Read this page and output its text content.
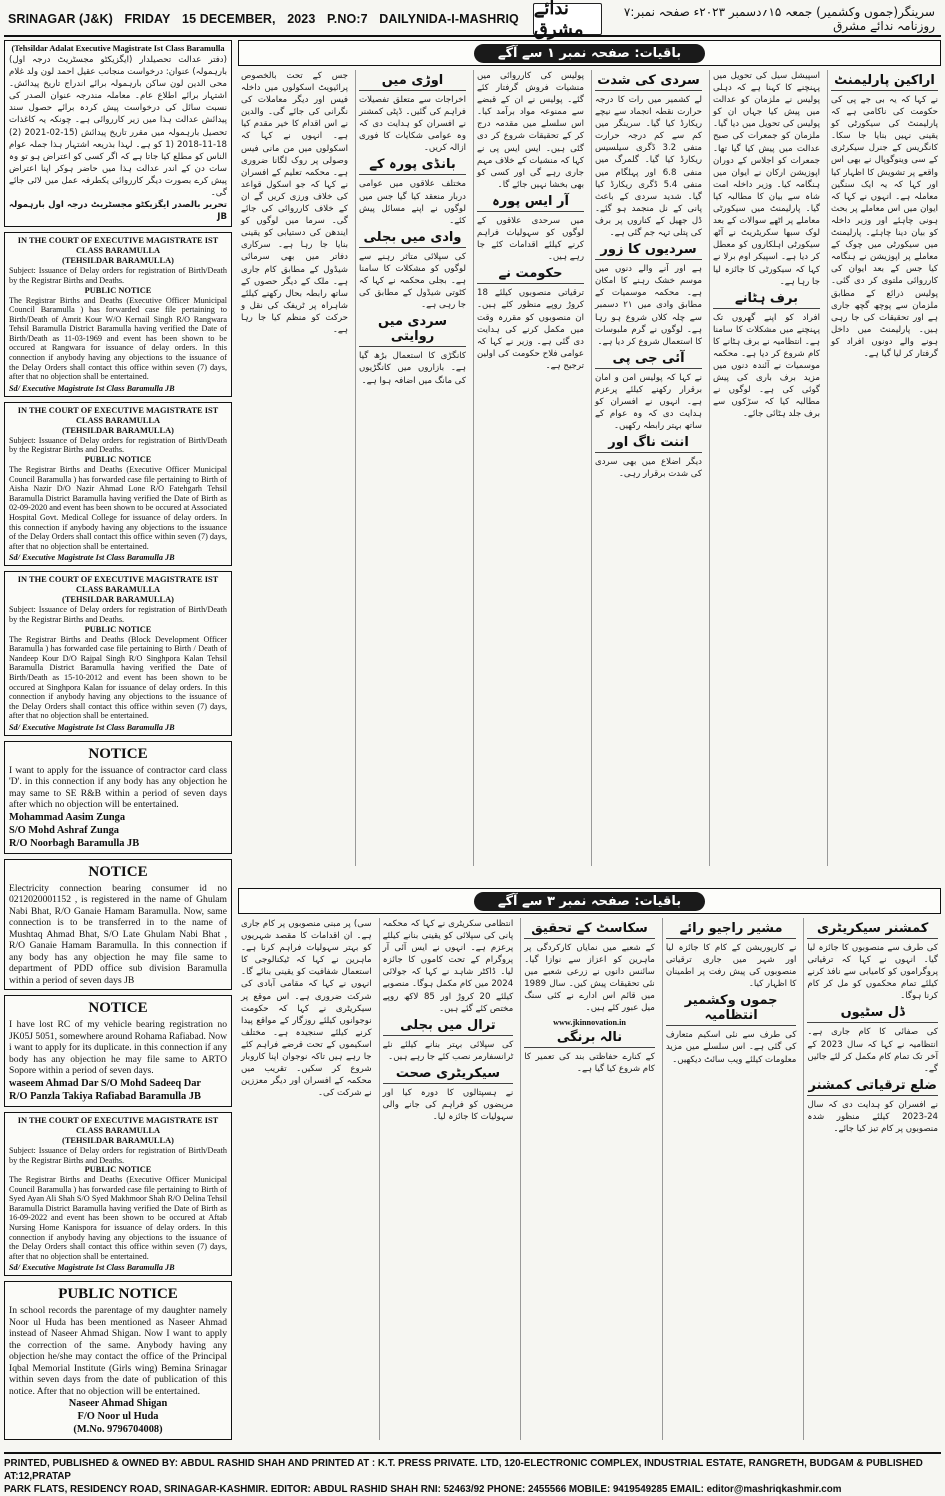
SRINAGAR (J&K) FRIDAY 15 DECEMBER, 2023 P.NO:7 DAILYNIDA-I-MASHRIQ
ندائے مشرق
سرینگر(جموں وکشمیر) جمعہ ۱۵؍دسمبر ۲۰۲۳ء صفحہ نمبر:۷ روزنامہ ندائے مشرق
(Tehsildar Adalat Executive Magistrate Ist Class Baramulla
(دفتر عدالت تحصیلدار (ایگزیکٹو مجسٹریٹ درجہ اول) بارہمولہ) عنوان: درخواست منجانب عقیل احمد لون ولد غلام محی الدین لون ساکن بارہمولہ برائے اندراج تاریخ پیدائش۔ اشتہار برائے اطلاع عام۔ معاملہ مندرجہ عنوان الصدر کی نسبت سائل کی درخواست پیش کردہ برائے حصول سند پیدائش عدالت ہذا میں زیر کارروائی ہے۔ چونکہ یہ کاغذات تحصیل بارہمولہ میں مقرر تاریخ پیدائش (15-02-2021 (2) 18-11-2018 (1 کو ہے۔ لہذا بذریعہ اشتہار ہذا جملہ عوام الناس کو مطلع کیا جاتا ہے کہ اگر کسی کو اعتراض ہو تو وہ سات دن کے اندر عدالت ہذا میں حاضر ہوکر اپنا اعتراض پیش کرے بصورت دیگر کارروائی یکطرفہ عمل میں لائی جائے گی۔
تحریر بالصدر ایگزیکٹو مجسٹریٹ درجہ اول بارہمولہ JB
IN THE COURT OF EXECUTIVE MAGISTRATE IST
CLASS BARAMULLA
(TEHSILDAR BARAMULLA)
Subject: Issuance of Delay orders for registration of Birth/Death by the Registrar Births and Deaths.
PUBLIC NOTICE
The Registrar Births and Deaths (Executive Officer Municipal Council Baramulla ) has forwarded case file pertaining to Birth/Death of Amrit Kour W/O Kernail Singh R/O Rangwara Tehsil Baramulla District Baramulla having verified the Date of Birth/Death as 11-03-1969 and event has been shown to be occured at Rangwara for issuance of delay orders. In this connection if anybody having any objections to the issuance of the Delay Orders shall contact this office within seven (7) days, after that no objection shall be entertained.
Sd/ Executive Magistrate Ist Class Baramulla JB
IN THE COURT OF EXECUTIVE MAGISTRATE IST
CLASS BARAMULLA
(TEHSILDAR BARAMULLA)
Subject: Issuance of Delay orders for registration of Birth/Death by the Registrar Births and Deaths.
PUBLIC NOTICE
The Registrar Births and Deaths (Executive Officer Municipal Council Baramulla ) has forwarded case file pertaining to Birth of Aisha Nazir D/O Nazir Ahmad Lone R/O Fatehgarh Tehsil Baramulla District Baramulla having verified the Date of Birth as 02-09-2020 and event has been shown to be occured at Associated Hospital Govt. Medical College for issuance of delay orders. In this connection if anybody having any objections to the issuance of the Delay Orders shall contact this office within seven (7) days, after that no objection shall be entertained.
Sd/ Executive Magistrate Ist Class Baramulla JB
IN THE COURT OF EXECUTIVE MAGISTRATE IST
CLASS BARAMULLA
(TEHSILDAR BARAMULLA)
Subject: Issuance of Delay orders for registration of Birth/Death by the Registrar Births and Deaths.
PUBLIC NOTICE
The Registrar Births and Deaths (Block Development Officer Baramulla ) has forwarded case file pertaining to Birth / Death of Nandeep Kour D/O Rajpal Singh R/O Singhpora Kalan Tehsil Baramulla District Baramulla having verified the Date of Birth/Death as 15-10-2012 and event has been shown to be occured at Singhpora Kalan for issuance of delay orders. In this connection if anybody having any objections to the issuance of the Delay Orders shall contact this office within seven (7) days, after that no objection shall be entertained.
Sd/ Executive Magistrate Ist Class Baramulla JB
NOTICE
I want to apply for the issuance of contractor card class 'D'. in this connection if any body has any objection he may same to SE R&B within a period of seven days after which no objection will be entertained.
Mohammad Aasim Zunga
S/O Mohd Ashraf Zunga
R/O Noorbagh Baramulla JB
NOTICE
Electricity connection bearing consumer id no 0212020001152 , is registered in the name of Ghulam Nabi Bhat, R/O Ganaie Hamam Baramulla. Now, same connection is to be transferred in to the name of Mushtaq Ahmad Bhat, S/O Late Ghulam Nabi Bhat , R/O Ganaie Hamam Baramulla. In this connection if any body has any objection he may file same to department of PDD office sub division Baramulla within a period of seven days JB
NOTICE
I have lost RC of my vehicle bearing registration no JK05J 5051, somewhere around Rohama Rafiabad. Now i want to apply for its duplicate. in this connection if any body has any objection he may file same to ARTO Sopore within a period of seven days.
waseem Ahmad Dar S/O Mohd Sadeeq Dar
R/O Panzla Takiya Rafiabad Baramulla JB
IN THE COURT OF EXECUTIVE MAGISTRATE IST
CLASS BARAMULLA
(TEHSILDAR BARAMULLA)
Subject: Issuance of Delay orders for registration of Birth/Death by the Registrar Births and Deaths.
PUBLIC NOTICE
The Registrar Births and Deaths (Executive Officer Municipal Council Baramulla ) has forwarded case file pertaining to Birth of Syed Ayan Ali Shah S/O Syed Makhmoor Shah R/O Delina Tehsil Baramulla District Baramulla having verified the Date of Birth as 16-09-2022 and event has been shown to be occured at Aftab Nursing Home Kanispora for issuance of delay orders. In this connection if anybody having any objections to the issuance of the Delay Orders shall contact this office within seven (7) days, after that no objection shall be entertained.
Sd/ Executive Magistrate Ist Class Baramulla JB
PUBLIC NOTICE
In school records the parentage of my daughter namely Noor ul Huda has been mentioned as Naseer Ahmad instead of Naseer Ahmad Shigan. Now I want to apply the correction of the same. Anybody having any objection he/she may contact the office of the Principal Iqbal Memorial Institute (Girls wing) Bemina Srinagar within seven days from the date of publication of this notice. After that no objection will be entertained.
Naseer Ahmad Shigan
F/O Noor ul Huda
(M.No. 9796704008)
باقیات: صفحہ نمبر ۱ سے آگے
اراکین پارلیمنٹ
نے کہا کہ یہ بی جے پی کی حکومت کی ناکامی ہے کہ پارلیمنٹ کی سیکورٹی کو یقینی نہیں بنایا جا سکا۔ کانگریس کے جنرل سیکرٹری کے سی وینوگوپال نے بھی اس واقعے پر تشویش کا اظہار کیا اور کہا کہ یہ ایک سنگین معاملہ ہے۔ انہوں نے کہا کہ ایوان میں اس معاملے پر بحث ہونی چاہئے اور وزیر داخلہ کو بیان دینا چاہئے۔ پارلیمنٹ میں سیکورٹی میں چوک کے معاملے پر اپوزیشن نے ہنگامہ کیا جس کے بعد ایوان کی کارروائی ملتوی کر دی گئی۔ پولیس ذرائع کے مطابق ملزمان سے پوچھ گچھ جاری ہے اور تحقیقات کی جا رہی ہیں۔ پارلیمنٹ میں داخل ہونے والے دونوں افراد کو گرفتار کر لیا گیا ہے۔
اسپیشل سیل کی تحویل میں پہنچنے کا کہنا ہے کہ دہلی پولیس نے ملزمان کو عدالت میں پیش کیا جہاں ان کو پولیس کی تحویل میں دیا گیا۔ ملزمان کو جمعرات کی صبح عدالت میں پیش کیا گیا تھا۔ جمعرات کو اجلاس کے دوران اپوزیشن ارکان نے ایوان میں ہنگامہ کیا۔ وزیر داخلہ امت شاہ سے بیان کا مطالبہ کیا گیا۔ پارلیمنٹ میں سیکورٹی معاملے پر اٹھے سوالات کے بعد لوک سبھا سکریٹریٹ نے آٹھ سیکورٹی اہلکاروں کو معطل کر دیا ہے۔ اسپیکر اوم برلا نے کہا کہ سیکورٹی کا جائزہ لیا جا رہا ہے۔
برف ہٹانے
افراد کو اپنے گھروں تک پہنچنے میں مشکلات کا سامنا ہے۔ انتظامیہ نے برف ہٹانے کا کام شروع کر دیا ہے۔ محکمہ موسمیات نے آئندہ دنوں میں مزید برف باری کی پیش گوئی کی ہے۔ لوگوں نے مطالبہ کیا کہ سڑکوں سے برف جلد ہٹائی جائے۔
سردی کی شدت
لے کشمیر میں رات کا درجہ حرارت نقطہ انجماد سے نیچے ریکارڈ کیا گیا۔ سرینگر میں کم سے کم درجہ حرارت منفی 3.2 ڈگری سیلسیس ریکارڈ کیا گیا۔ گلمرگ میں منفی 6.8 اور پہلگام میں منفی 5.4 ڈگری ریکارڈ کیا گیا۔ شدید سردی کے باعث پانی کے نل منجمد ہو گئے۔ ڈل جھیل کے کناروں پر برف کی پتلی تہہ جم گئی ہے۔
سردیوں کا زور
ہے اور آنے والے دنوں میں موسم خشک رہنے کا امکان ہے۔ محکمہ موسمیات کے مطابق وادی میں ۲۱ دسمبر سے چلہ کلاں شروع ہو رہا ہے۔ لوگوں نے گرم ملبوسات کا استعمال شروع کر دیا ہے۔
آئی جی پی
نے کہا کہ پولیس امن و امان برقرار رکھنے کیلئے پرعزم ہے۔ انہوں نے افسران کو ہدایت دی کہ وہ عوام کے ساتھ بہتر رابطہ رکھیں۔
اننت ناگ اور
دیگر اضلاع میں بھی سردی کی شدت برقرار رہی۔
پولیس کی کارروائی میں منشیات فروش گرفتار کئے گئے۔ پولیس نے ان کے قبضے سے ممنوعہ مواد برآمد کیا۔ اس سلسلے میں مقدمہ درج کر کے تحقیقات شروع کر دی گئی ہیں۔ ایس ایس پی نے کہا کہ منشیات کے خلاف مہم جاری رہے گی اور کسی کو بھی بخشا نہیں جائے گا۔
آر ایس پورہ
میں سرحدی علاقوں کے لوگوں کو سہولیات فراہم کرنے کیلئے اقدامات کئے جا رہے ہیں۔
حکومت نے
ترقیاتی منصوبوں کیلئے 18 کروڑ روپے منظور کئے ہیں۔ ان منصوبوں کو مقررہ وقت میں مکمل کرنے کی ہدایت دی گئی ہے۔ وزیر نے کہا کہ عوامی فلاح حکومت کی اولین ترجیح ہے۔
اوڑی میں
اخراجات سے متعلق تفصیلات فراہم کی گئیں۔ ڈپٹی کمشنر نے افسران کو ہدایت دی کہ وہ عوامی شکایات کا فوری ازالہ کریں۔
بانڈی پورہ کے
مختلف علاقوں میں عوامی دربار منعقد کیا گیا جس میں لوگوں نے اپنے مسائل پیش کئے۔
وادی میں بجلی
کی سپلائی متاثر رہنے سے لوگوں کو مشکلات کا سامنا ہے۔ بجلی محکمہ نے کہا کہ کٹوتی شیڈول کے مطابق کی جا رہی ہے۔
سردی میں روایتی
کانگڑی کا استعمال بڑھ گیا ہے۔ بازاروں میں کانگڑیوں کی مانگ میں اضافہ ہوا ہے۔
جس کے تحت بالخصوص پرائیویٹ اسکولوں میں داخلہ فیس اور دیگر معاملات کی نگرانی کی جائے گی۔ والدین نے اس اقدام کا خیر مقدم کیا ہے۔ انہوں نے کہا کہ اسکولوں میں من مانی فیس وصولی پر روک لگانا ضروری ہے۔ محکمہ تعلیم کے افسران نے کہا کہ جو اسکول قواعد کی خلاف ورزی کریں گے ان کے خلاف کارروائی کی جائے گی۔ سرما میں لوگوں کو ایندھن کی دستیابی کو یقینی بنایا جا رہا ہے۔ سرکاری دفاتر میں بھی سرمائی شیڈول کے مطابق کام جاری ہے۔ ملک کے دیگر حصوں کے ساتھ رابطہ بحال رکھنے کیلئے شاہراہ پر ٹریفک کی نقل و حرکت کو منظم کیا جا رہا ہے۔
باقیات: صفحہ نمبر ۳ سے آگے
کمشنر سیکریٹری
کی طرف سے منصوبوں کا جائزہ لیا گیا۔ انہوں نے کہا کہ ترقیاتی پروگراموں کو کامیابی سے نافذ کرنے کیلئے تمام محکموں کو مل کر کام کرنا ہوگا۔
ڈل سٹیوں
کی صفائی کا کام جاری ہے۔ انتظامیہ نے کہا کہ سال 2023 کے آخر تک تمام کام مکمل کر لئے جائیں گے۔
ضلع ترقیاتی کمشنر
نے افسران کو ہدایت دی کہ سال 24-2023 کیلئے منظور شدہ منصوبوں پر کام تیز کیا جائے۔
مشیر راجیو رائے
نے کارپوریشن کے کام کا جائزہ لیا اور شہر میں جاری ترقیاتی منصوبوں کی پیش رفت پر اطمینان کا اظہار کیا۔
جموں وکشمیر انتظامیہ
کی طرف سے نئی اسکیم متعارف کی گئی ہے۔ اس سلسلے میں مزید معلومات کیلئے ویب سائٹ دیکھیں۔
سکاسٹ کے تحقیق
کے شعبے میں نمایاں کارکردگی پر ماہرین کو اعزاز سے نوازا گیا۔ سائنس دانوں نے زرعی شعبے میں نئی تحقیقات پیش کیں۔ سال 1989 میں قائم اس ادارے نے کئی سنگ میل عبور کئے ہیں۔
www.jkinnovation.in
نالہ برنگی
کے کنارے حفاظتی بند کی تعمیر کا کام شروع کیا گیا ہے۔
انتظامی سکریٹری نے کہا کہ محکمہ پانی کی سپلائی کو یقینی بنانے کیلئے پرعزم ہے۔ انہوں نے ایس آئی آر پروگرام کے تحت کاموں کا جائزہ لیا۔ ڈاکٹر شاہد نے کہا کہ جولائی 2024 میں کام مکمل ہوگا۔ منصوبے کیلئے 20 کروڑ اور 85 لاکھ روپے مختص کئے گئے ہیں۔
ترال میں بجلی
کی سپلائی بہتر بنانے کیلئے نئے ٹرانسفارمر نصب کئے جا رہے ہیں۔
سیکریٹری صحت
نے ہسپتالوں کا دورہ کیا اور مریضوں کو فراہم کی جانے والی سہولیات کا جائزہ لیا۔
سی) پر مبنی منصوبوں پر کام جاری ہے۔ ان اقدامات کا مقصد شہریوں کو بہتر سہولیات فراہم کرنا ہے۔ ماہرین نے کہا کہ ٹیکنالوجی کا استعمال شفافیت کو یقینی بنائے گا۔ انہوں نے کہا کہ مقامی آبادی کی شرکت ضروری ہے۔ اس موقع پر سیکریٹری نے کہا کہ حکومت نوجوانوں کیلئے روزگار کے مواقع پیدا کرنے کیلئے سنجیدہ ہے۔ مختلف اسکیموں کے تحت قرضے فراہم کئے جا رہے ہیں تاکہ نوجوان اپنا کاروبار شروع کر سکیں۔ تقریب میں محکمہ کے افسران اور دیگر معززین نے شرکت کی۔
PRINTED, PUBLISHED & OWNED BY: ABDUL RASHID SHAH AND PRINTED AT : K.T. PRESS PRIVATE. LTD, 120-ELECTRONIC COMPLEX, INDUSTRIAL ESTATE, RANGRETH, BUDGAM & PUBLISHED AT:12,PRATAP
PARK FLATS, RESIDENCY ROAD, SRINAGAR-KASHMIR. EDITOR: ABDUL RASHID SHAH RNI: 52463/92 PHONE: 2455566 MOBILE: 9419549285 EMAIL: editor@mashriqkashmir.com
